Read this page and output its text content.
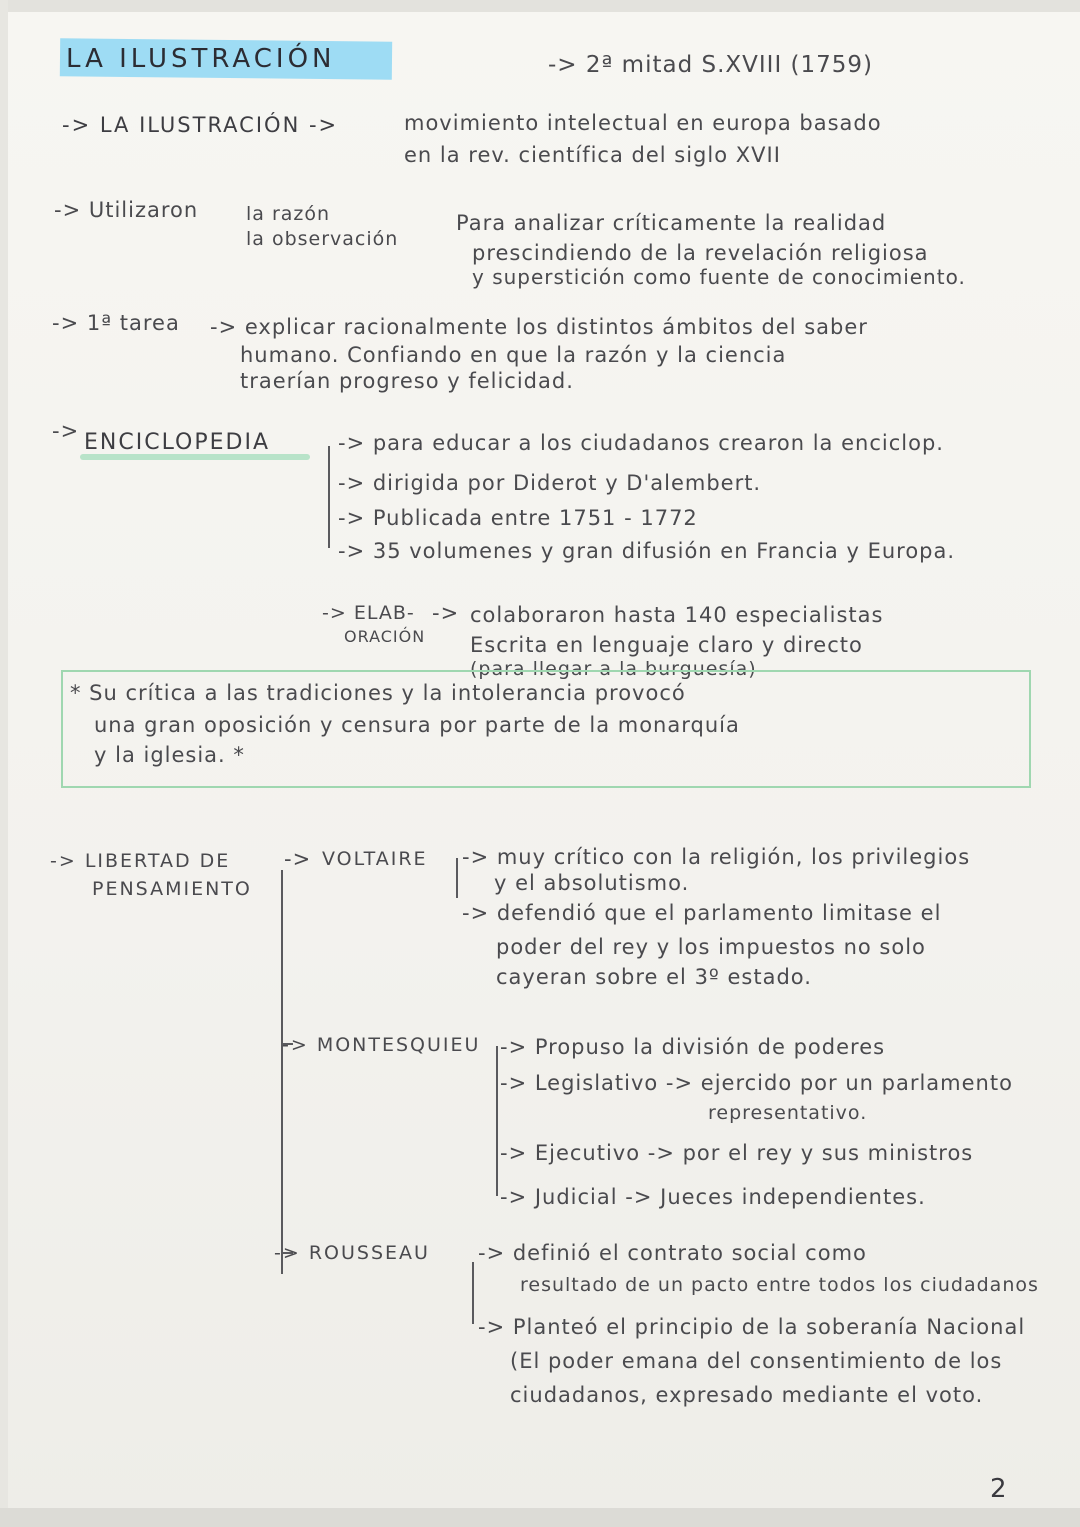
LA ILUSTRACIÓN	-> 2ª mitad S.XVIII (1759)
-> LA ILUSTRACIÓN ->	movimiento intelectual en europa basado
en la rev. científica del siglo XVII
-> Utilizaron	la razón
la observación
Para analizar críticamente la realidad
prescindiendo de la revelación religiosa
y superstición como fuente de conocimiento.
-> 1ª tarea -> explicar racionalmente los distintos ámbitos del saber
humano. Confiando en que la razón y la ciencia
traerían progreso y felicidad.
-> ENCICLOPEDIA	-> para educar a los ciudadanos crearon la enciclop.
-> dirigida por Diderot y D'alembert.
-> Publicada entre 1751 - 1772
-> 35 volumenes y gran difusión en Francia y Europa.
-> ELAB-
ORACIÓN
-> colaboraron hasta 140 especialistas
Escrita en lenguaje claro y directo
(para llegar a la burguesía)
* Su crítica a las tradiciones y la intolerancia provocó
una gran oposición y censura por parte de la monarquía
y la iglesia. *
-> LIBERTAD DE
PENSAMIENTO
-> VOLTAIRE -> muy crítico con la religión, los privilegios
y el absolutismo.
-> defendió que el parlamento limitase el
poder del rey y los impuestos no solo
cayeran sobre el 3º estado.
-> MONTESQUIEU -> Propuso la división de poderes
-> Legislativo -> ejercido por un parlamento
representativo.
-> Ejecutivo -> por el rey y sus ministros
-> Judicial -> Jueces independientes.
-> ROUSSEAU -> definió el contrato social como
resultado de un pacto entre todos los ciudadanos
-> Planteó el principio de la soberanía Nacional
(El poder emana del consentimiento de los
ciudadanos, expresado mediante el voto.
2
